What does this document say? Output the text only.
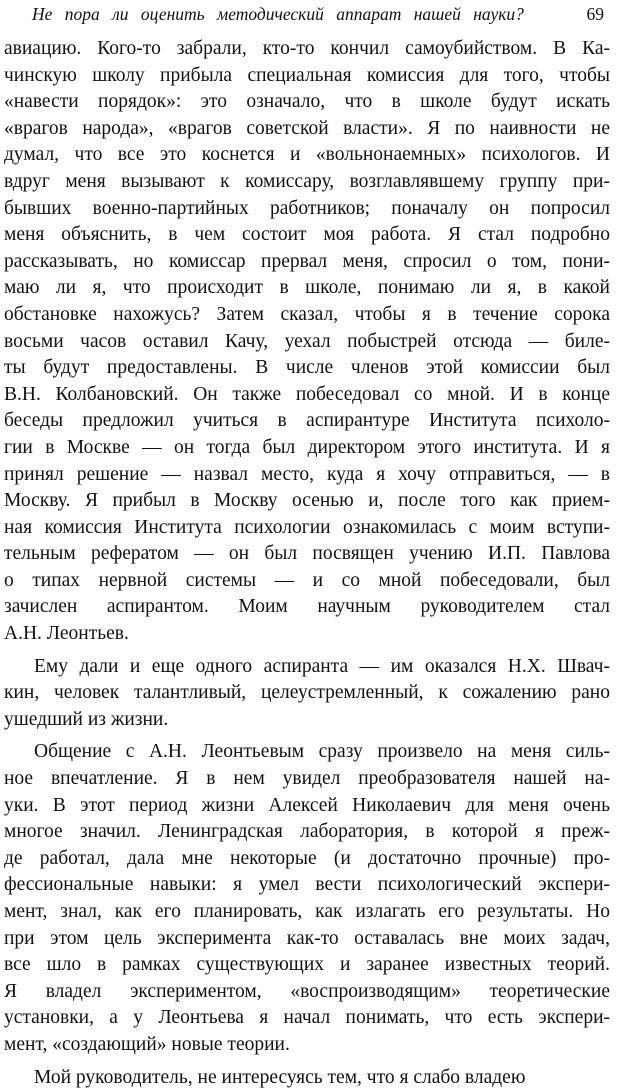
Не пора ли оценить методический аппарат нашей науки?	69

авиацию. Кого-то забрали, кто-то кончил самоубийством. В Ка-
чинскую школу прибыла специальная комиссия для того, чтобы
«навести порядок»: это означало, что в школе будут искать
«врагов народа», «врагов советской власти». Я по наивности не
думал, что все это коснется и «вольнонаемных» психологов. И
вдруг меня вызывают к комиссару, возглавлявшему группу при-
бывших военно-партийных работников; поначалу он попросил
меня объяснить, в чем состоит моя работа. Я стал подробно
рассказывать, но комиссар прервал меня, спросил о том, пони-
маю ли я, что происходит в школе, понимаю ли я, в какой
обстановке нахожусь? Затем сказал, чтобы я в течение сорока
восьми часов оставил Качу, уехал побыстрей отсюда — биле-
ты будут предоставлены. В числе членов этой комиссии был
В.Н. Колбановский. Он также побеседовал со мной. И в конце
беседы предложил учиться в аспирантуре Института психоло-
гии в Москве — он тогда был директором этого института. И я
принял решение — назвал место, куда я хочу отправиться, — в
Москву. Я прибыл в Москву осенью и, после того как прием-
ная комиссия Института психологии ознакомилась с моим вступи-
тельным рефератом — он был посвящен учению И.П. Павлова
о типах нервной системы — и со мной побеседовали, был
зачислен аспирантом. Моим научным руководителем стал
А.Н. Леонтьев.

Ему дали и еще одного аспиранта — им оказался Н.Х. Швач-
кин, человек талантливый, целеустремленный, к сожалению рано
ушедший из жизни.

Общение с А.Н. Леонтьевым сразу произвело на меня силь-
ное впечатление. Я в нем увидел преобразователя нашей на-
уки. В этот период жизни Алексей Николаевич для меня очень
многое значил. Ленинградская лаборатория, в которой я преж-
де работал, дала мне некоторые (и достаточно прочные) про-
фессиональные навыки: я умел вести психологический экспери-
мент, знал, как его планировать, как излагать его результаты. Но
при этом цель эксперимента как-то оставалась вне моих задач,
все шло в рамках существующих и заранее известных теорий.
Я владел экспериментом, «воспроизводящим» теоретические
установки, а у Леонтьева я начал понимать, что есть экспери-
мент, «создающий» новые теории.

Мой руководитель, не интересуясь тем, что я слабо владею
